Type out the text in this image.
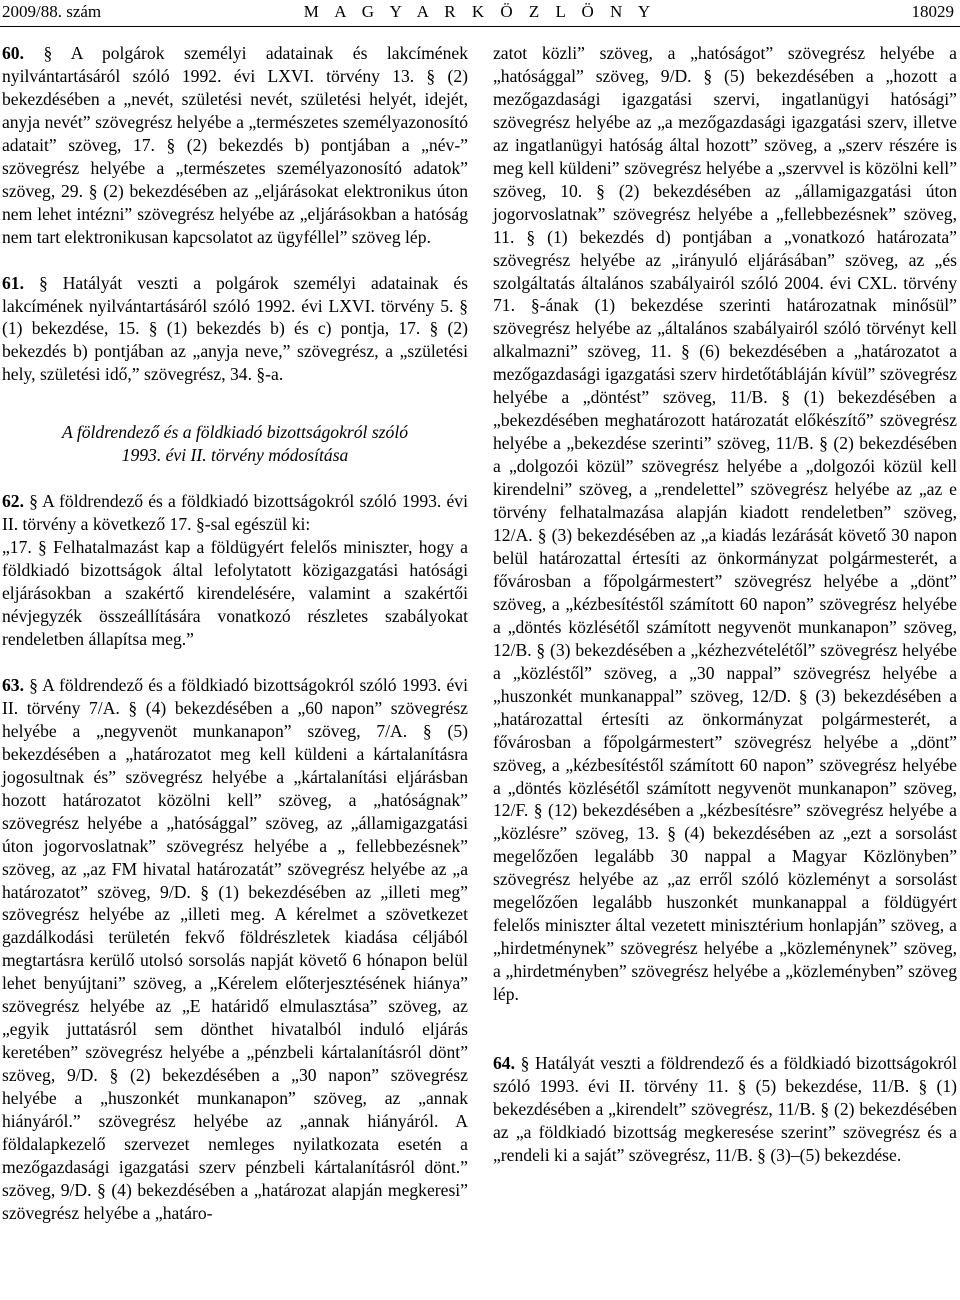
2009/88. szám	M A G Y A R K Ö Z L Ö N Y	18029

60. § A polgárok személyi adatainak és lakcímének nyilvántartásáról szóló 1992. évi LXVI. törvény 13. § (2) bekezdésében a „nevét, születési nevét, születési helyét, idejét, anyja nevét” szövegrész helyébe a „természetes személyazonosító adatait” szöveg, 17. § (2) bekezdés b) pontjában a „név-” szövegrész helyébe a „természetes személyazonosító adatok” szöveg, 29. § (2) bekezdésében az „eljárásokat elektronikus úton nem lehet intézni” szövegrész helyébe az „eljárásokban a hatóság nem tart elektronikusan kapcsolatot az ügyféllel” szöveg lép.

61. § Hatályát veszti a polgárok személyi adatainak és lakcímének nyilvántartásáról szóló 1992. évi LXVI. törvény 5. § (1) bekezdése, 15. § (1) bekezdés b) és c) pontja, 17. § (2) bekezdés b) pontjában az „anyja neve,” szövegrész, a „születési hely, születési idő,” szövegrész, 34. §-a.

A földrendező és a földkiadó bizottságokról szóló 1993. évi II. törvény módosítása

62. § A földrendező és a földkiadó bizottságokról szóló 1993. évi II. törvény a következő 17. §-sal egészül ki:

„17. § Felhatalmazást kap a földügyért felelős miniszter, hogy a földkiadó bizottságok által lefolytatott közigazgatási hatósági eljárásokban a szakértő kirendelésére, valamint a szakértői névjegyzék összeállítására vonatkozó részletes szabályokat rendeletben állapítsa meg.”

63. § A földrendező és a földkiadó bizottságokról szóló 1993. évi II. törvény 7/A. § (4) bekezdésében a „60 napon” szövegrész helyébe a „negyvenöt munkanapon” szöveg, 7/A. § (5) bekezdésében a „határozatot meg kell küldeni a kártalanításra jogosultnak és” szövegrész helyébe a „kártalanítási eljárásban hozott határozatot közölni kell” szöveg, a „hatóságnak” szövegrész helyébe a „hatósággal” szöveg, az „államigazgatási úton jogorvoslatnak” szövegrész helyébe a „ fellebbezésnek” szöveg, az „az FM hivatal határozatát” szövegrész helyébe az „a határozatot” szöveg, 9/D. § (1) bekezdésében az „illeti meg” szövegrész helyébe az „illeti meg. A kérelmet a szövetkezet gazdálkodási területén fekvő földrészletek kiadása céljából megtartásra kerülő utolsó sorsolás napját követő 6 hónapon belül lehet benyújtani” szöveg, a „Kérelem előterjesztésének hiánya” szövegrész helyébe az „E határidő elmulasztása” szöveg, az „egyik juttatásról sem dönthet hivatalból induló eljárás keretében” szövegrész helyébe a „pénzbeli kártalanításról dönt” szöveg, 9/D. § (2) bekezdésében a „30 napon” szövegrész helyébe a „huszonkét munkanapon” szöveg, az „annak hiányáról.” szövegrész helyébe az „annak hiányáról. A földalapkezelő szervezet nemleges nyilatkozata esetén a mezőgazdasági igazgatási szerv pénzbeli kártalanításról dönt.” szöveg, 9/D. § (4) bekezdésében a „határozat alapján megkeresi” szövegrész helyébe a „határo-

zatot közli” szöveg, a „hatóságot” szövegrész helyébe a „hatósággal” szöveg, 9/D. § (5) bekezdésében a „hozott a mezőgazdasági igazgatási szervi, ingatlanügyi hatósági” szövegrész helyébe az „a mezőgazdasági igazgatási szerv, illetve az ingatlanügyi hatóság által hozott” szöveg, a „szerv részére is meg kell küldeni” szövegrész helyébe a „szervvel is közölni kell” szöveg, 10. § (2) bekezdésében az „államigazgatási úton jogorvoslatnak” szövegrész helyébe a „fellebbezésnek” szöveg, 11. § (1) bekezdés d) pontjában a „vonatkozó határozata” szövegrész helyébe az „irányuló eljárásában” szöveg, az „és szolgáltatás általános szabályairól szóló 2004. évi CXL. törvény 71. §-ának (1) bekezdése szerinti határozatnak minősül” szövegrész helyébe az „általános szabályairól szóló törvényt kell alkalmazni” szöveg, 11. § (6) bekezdésében a „határozatot a mezőgazdasági igazgatási szerv hirdetőtábláján kívül” szövegrész helyébe a „döntést” szöveg, 11/B. § (1) bekezdésében a „bekezdésében meghatározott határozatát előkészítő” szövegrész helyébe a „bekezdése szerinti” szöveg, 11/B. § (2) bekezdésében a „dolgozói közül” szövegrész helyébe a „dolgozói közül kell kirendelni” szöveg, a „rendelettel” szövegrész helyébe az „az e törvény felhatalmazása alapján kiadott rendeletben” szöveg, 12/A. § (3) bekezdésében az „a kiadás lezárását követő 30 napon belül határozattal értesíti az önkormányzat polgármesterét, a fővárosban a főpolgármestert” szövegrész helyébe a „dönt” szöveg, a „kézbesítéstől számított 60 napon” szövegrész helyébe a „döntés közlésétől számított negyvenöt munkanapon” szöveg, 12/B. § (3) bekezdésében a „kézhezvételétől” szövegrész helyébe a „közléstől” szöveg, a „30 nappal” szövegrész helyébe a „huszonkét munkanappal” szöveg, 12/D. § (3) bekezdésében a „határozattal értesíti az önkormányzat polgármesterét, a fővárosban a főpolgármestert” szövegrész helyébe a „dönt” szöveg, a „kézbesítéstől számított 60 napon” szövegrész helyébe a „döntés közlésétől számított negyvenöt munkanapon” szöveg, 12/F. § (12) bekezdésében a „kézbesítésre” szövegrész helyébe a „közlésre” szöveg, 13. § (4) bekezdésében az „ezt a sorsolást megelőzően legalább 30 nappal a Magyar Közlönyben” szövegrész helyébe az „az erről szóló közleményt a sorsolást megelőzően legalább huszonkét munkanappal a földügyért felelős miniszter által vezetett minisztérium honlapján” szöveg, a „hirdetménynek” szövegrész helyébe a „közleménynek” szöveg, a „hirdetményben” szövegrész helyébe a „közleményben” szöveg lép.

64. § Hatályát veszti a földrendező és a földkiadó bizottságokról szóló 1993. évi II. törvény 11. § (5) bekezdése, 11/B. § (1) bekezdésében a „kirendelt” szövegrész, 11/B. § (2) bekezdésében az „a földkiadó bizottság megkeresése szerint” szövegrész és a „rendeli ki a saját” szövegrész, 11/B. § (3)–(5) bekezdése.
